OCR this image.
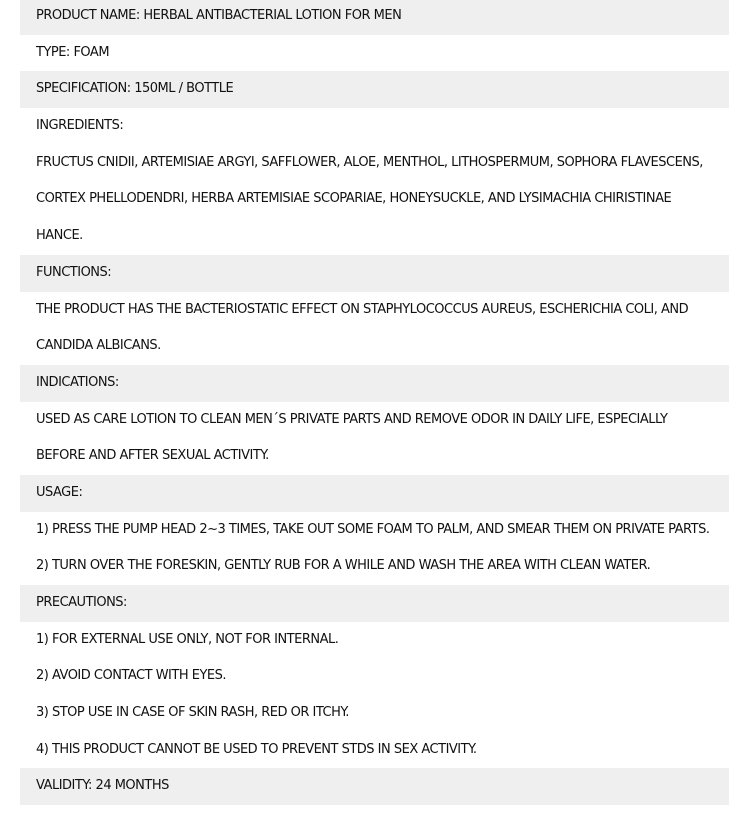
PRODUCT NAME: HERBAL ANTIBACTERIAL LOTION FOR MEN
TYPE: FOAM
SPECIFICATION: 150ML / BOTTLE
INGREDIENTS:
FRUCTUS CNIDII, ARTEMISIAE ARGYI, SAFFLOWER, ALOE, MENTHOL, LITHOSPERMUM, SOPHORA FLAVESCENS,
CORTEX PHELLODENDRI, HERBA ARTEMISIAE SCOPARIAE, HONEYSUCKLE, AND LYSIMACHIA CHIRISTINAE
HANCE.
FUNCTIONS:
THE PRODUCT HAS THE BACTERIOSTATIC EFFECT ON STAPHYLOCOCCUS AUREUS, ESCHERICHIA COLI, AND
CANDIDA ALBICANS.
INDICATIONS:
USED AS CARE LOTION TO CLEAN MEN´S PRIVATE PARTS AND REMOVE ODOR IN DAILY LIFE, ESPECIALLY
BEFORE AND AFTER SEXUAL ACTIVITY.
USAGE:
1) PRESS THE PUMP HEAD 2~3 TIMES, TAKE OUT SOME FOAM TO PALM, AND SMEAR THEM ON PRIVATE PARTS.
2) TURN OVER THE FORESKIN, GENTLY RUB FOR A WHILE AND WASH THE AREA WITH CLEAN WATER.
PRECAUTIONS:
1) FOR EXTERNAL USE ONLY, NOT FOR INTERNAL.
2) AVOID CONTACT WITH EYES.
3) STOP USE IN CASE OF SKIN RASH, RED OR ITCHY.
4) THIS PRODUCT CANNOT BE USED TO PREVENT STDS IN SEX ACTIVITY.
VALIDITY: 24 MONTHS
